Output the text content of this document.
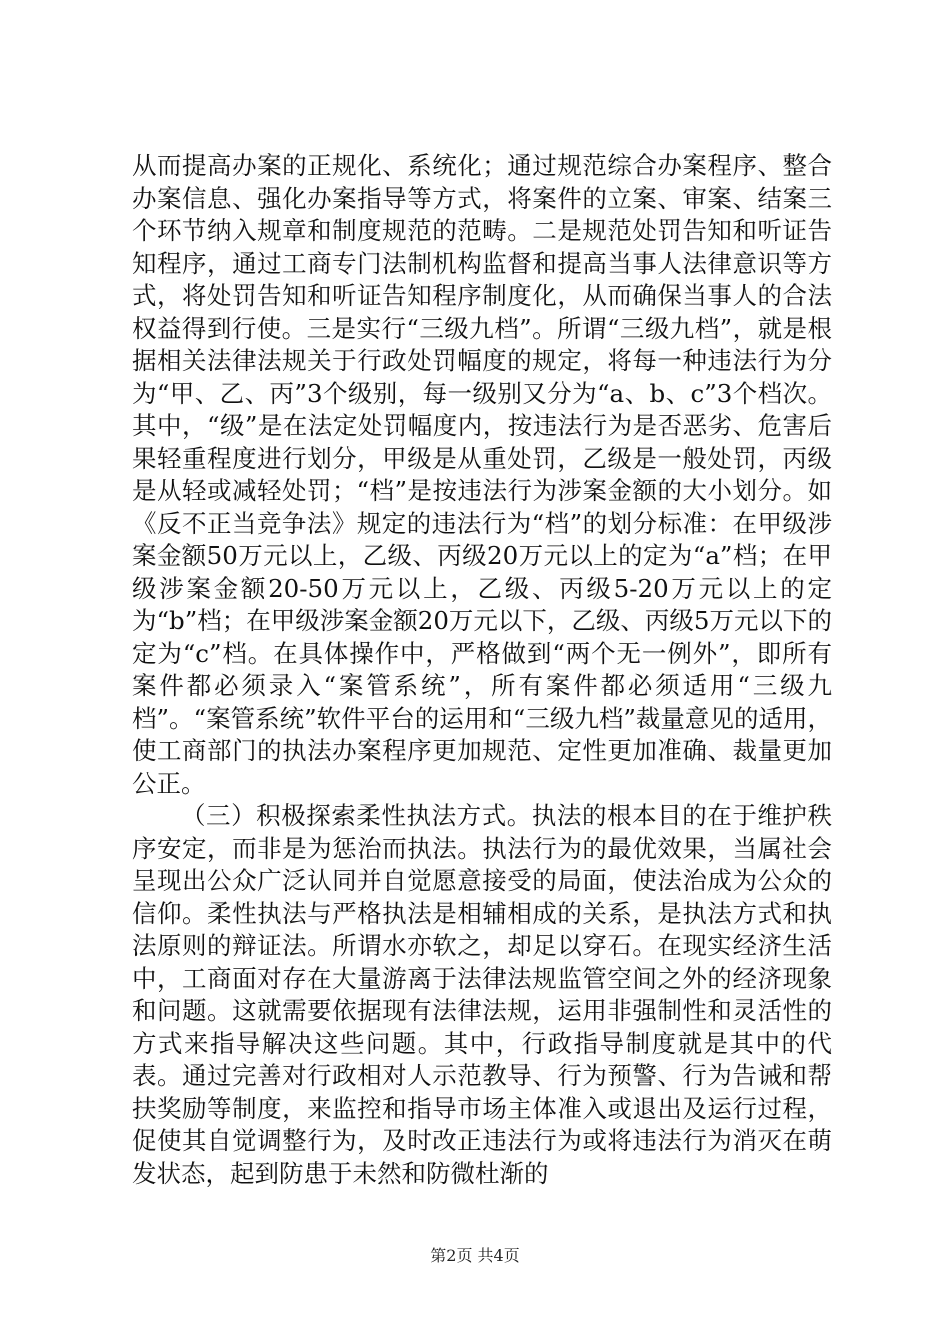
从而提高办案的正规化、系统化；通过规范综合办案程序、整合办案信息、强化办案指导等方式，将案件的立案、审案、结案三个环节纳入规章和制度规范的范畴。二是规范处罚告知和听证告知程序，通过工商专门法制机构监督和提高当事人法律意识等方式，将处罚告知和听证告知程序制度化，从而确保当事人的合法权益得到行使。三是实行“三级九档”。所谓“三级九档”，就是根据相关法律法规关于行政处罚幅度的规定，将每一种违法行为分为“甲、乙、丙”3个级别，每一级别又分为“a、b、c”3个档次。其中，“级”是在法定处罚幅度内，按违法行为是否恶劣、危害后果轻重程度进行划分，甲级是从重处罚，乙级是一般处罚，丙级是从轻或减轻处罚；“档”是按违法行为涉案金额的大小划分。如《反不正当竞争法》规定的违法行为“档”的划分标准：在甲级涉案金额50万元以上，乙级、丙级20万元以上的定为“a”档；在甲级涉案金额20-50万元以上，乙级、丙级5-20万元以上的定为“b”档；在甲级涉案金额20万元以下，乙级、丙级5万元以下的定为“c”档。在具体操作中，严格做到“两个无一例外”，即所有案件都必须录入“案管系统”，所有案件都必须适用“三级九档”。“案管系统”软件平台的运用和“三级九档”裁量意见的适用，使工商部门的执法办案程序更加规范、定性更加准确、裁量更加公正。

（三）积极探索柔性执法方式。执法的根本目的在于维护秩序安定，而非是为惩治而执法。执法行为的最优效果，当属社会呈现出公众广泛认同并自觉愿意接受的局面，使法治成为公众的信仰。柔性执法与严格执法是相辅相成的关系，是执法方式和执法原则的辩证法。所谓水亦软之，却足以穿石。在现实经济生活中，工商面对存在大量游离于法律法规监管空间之外的经济现象和问题。这就需要依据现有法律法规，运用非强制性和灵活性的方式来指导解决这些问题。其中，行政指导制度就是其中的代表。通过完善对行政相对人示范教导、行为预警、行为告诫和帮扶奖励等制度，来监控和指导市场主体准入或退出及运行过程，促使其自觉调整行为，及时改正违法行为或将违法行为消灭在萌发状态，起到防患于未然和防微杜渐的

第2页 共4页
